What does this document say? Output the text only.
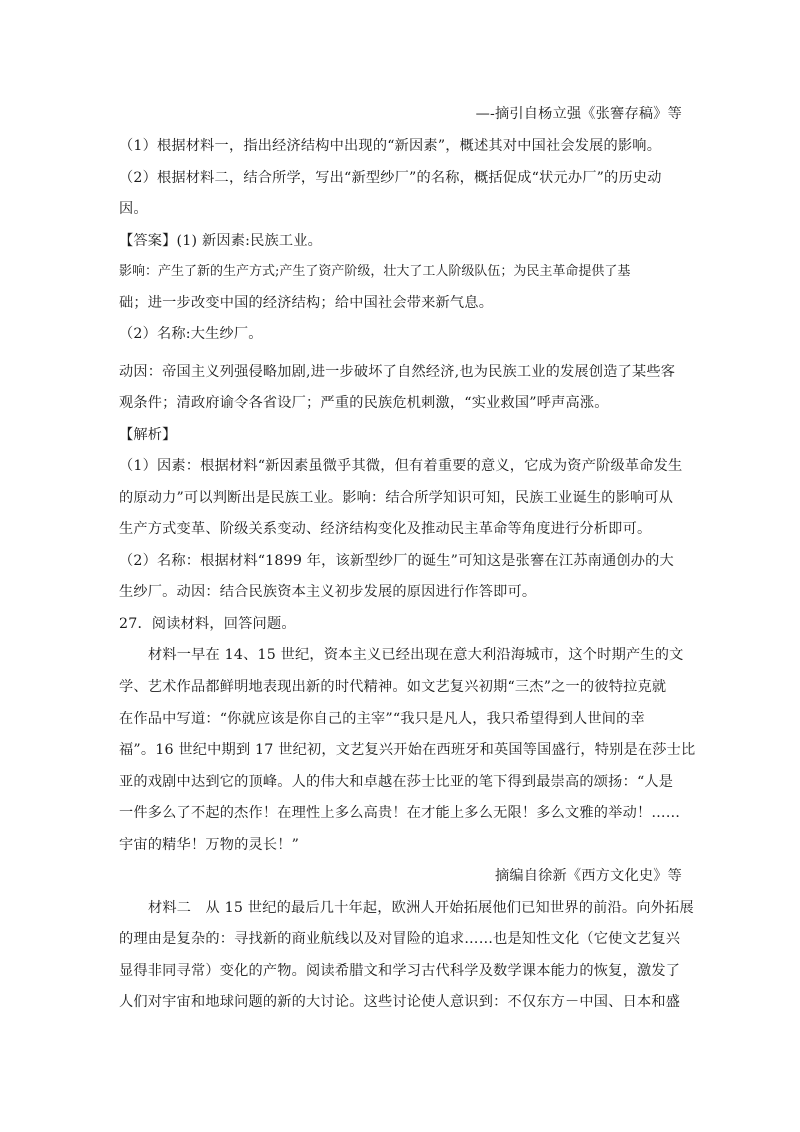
—-摘引自杨立强《张謇存稿》等
（1）根据材料一，指出经济结构中出现的“新因素”，概述其对中国社会发展的影响。
（2）根据材料二，结合所学，写出“新型纱厂”的名称，概括促成“状元办厂”的历史动
因。
【答案】(1) 新因素:民族工业。
影响：产生了新的生产方式;产生了资产阶级，壮大了工人阶级队伍；为民主革命提供了基
础；进一步改变中国的经济结构；给中国社会带来新气息。
（2）名称:大生纱厂。
动因：帝国主义列强侵略加剧,进一步破坏了自然经济,也为民族工业的发展创造了某些客
观条件；清政府谕令各省设厂；严重的民族危机刺激，“实业救国”呼声高涨。
【解析】
（1）因素：根据材料“新因素虽微乎其微，但有着重要的意义，它成为资产阶级革命发生
的原动力”可以判断出是民族工业。影响：结合所学知识可知，民族工业诞生的影响可从
生产方式变革、阶级关系变动、经济结构变化及推动民主革命等角度进行分析即可。
（2）名称：根据材料“1899 年，该新型纱厂的诞生”可知这是张謇在江苏南通创办的大
生纱厂。动因：结合民族资本主义初步发展的原因进行作答即可。
27．阅读材料，回答问题。
材料一早在 14、15 世纪，资本主义已经出现在意大利沿海城市，这个时期产生的文
学、艺术作品都鲜明地表现出新的时代精神。如文艺复兴初期“三杰”之一的彼特拉克就
在作品中写道：“你就应该是你自己的主宰”“我只是凡人，我只希望得到人世间的幸
福”。16 世纪中期到 17 世纪初，文艺复兴开始在西班牙和英国等国盛行，特别是在莎士比
亚的戏剧中达到它的顶峰。人的伟大和卓越在莎士比亚的笔下得到最崇高的颂扬：“人是
一件多么了不起的杰作！在理性上多么高贵！在才能上多么无限！多么文雅的举动！……
宇宙的精华！万物的灵长！”
摘编自徐新《西方文化史》等
材料二　从 15 世纪的最后几十年起，欧洲人开始拓展他们已知世界的前沿。向外拓展
的理由是复杂的：寻找新的商业航线以及对冒险的追求……也是知性文化（它使文艺复兴
显得非同寻常）变化的产物。阅读希腊文和学习古代科学及数学课本能力的恢复，激发了
人们对宇宙和地球问题的新的大讨论。这些讨论使人意识到：不仅东方－中国、日本和盛
